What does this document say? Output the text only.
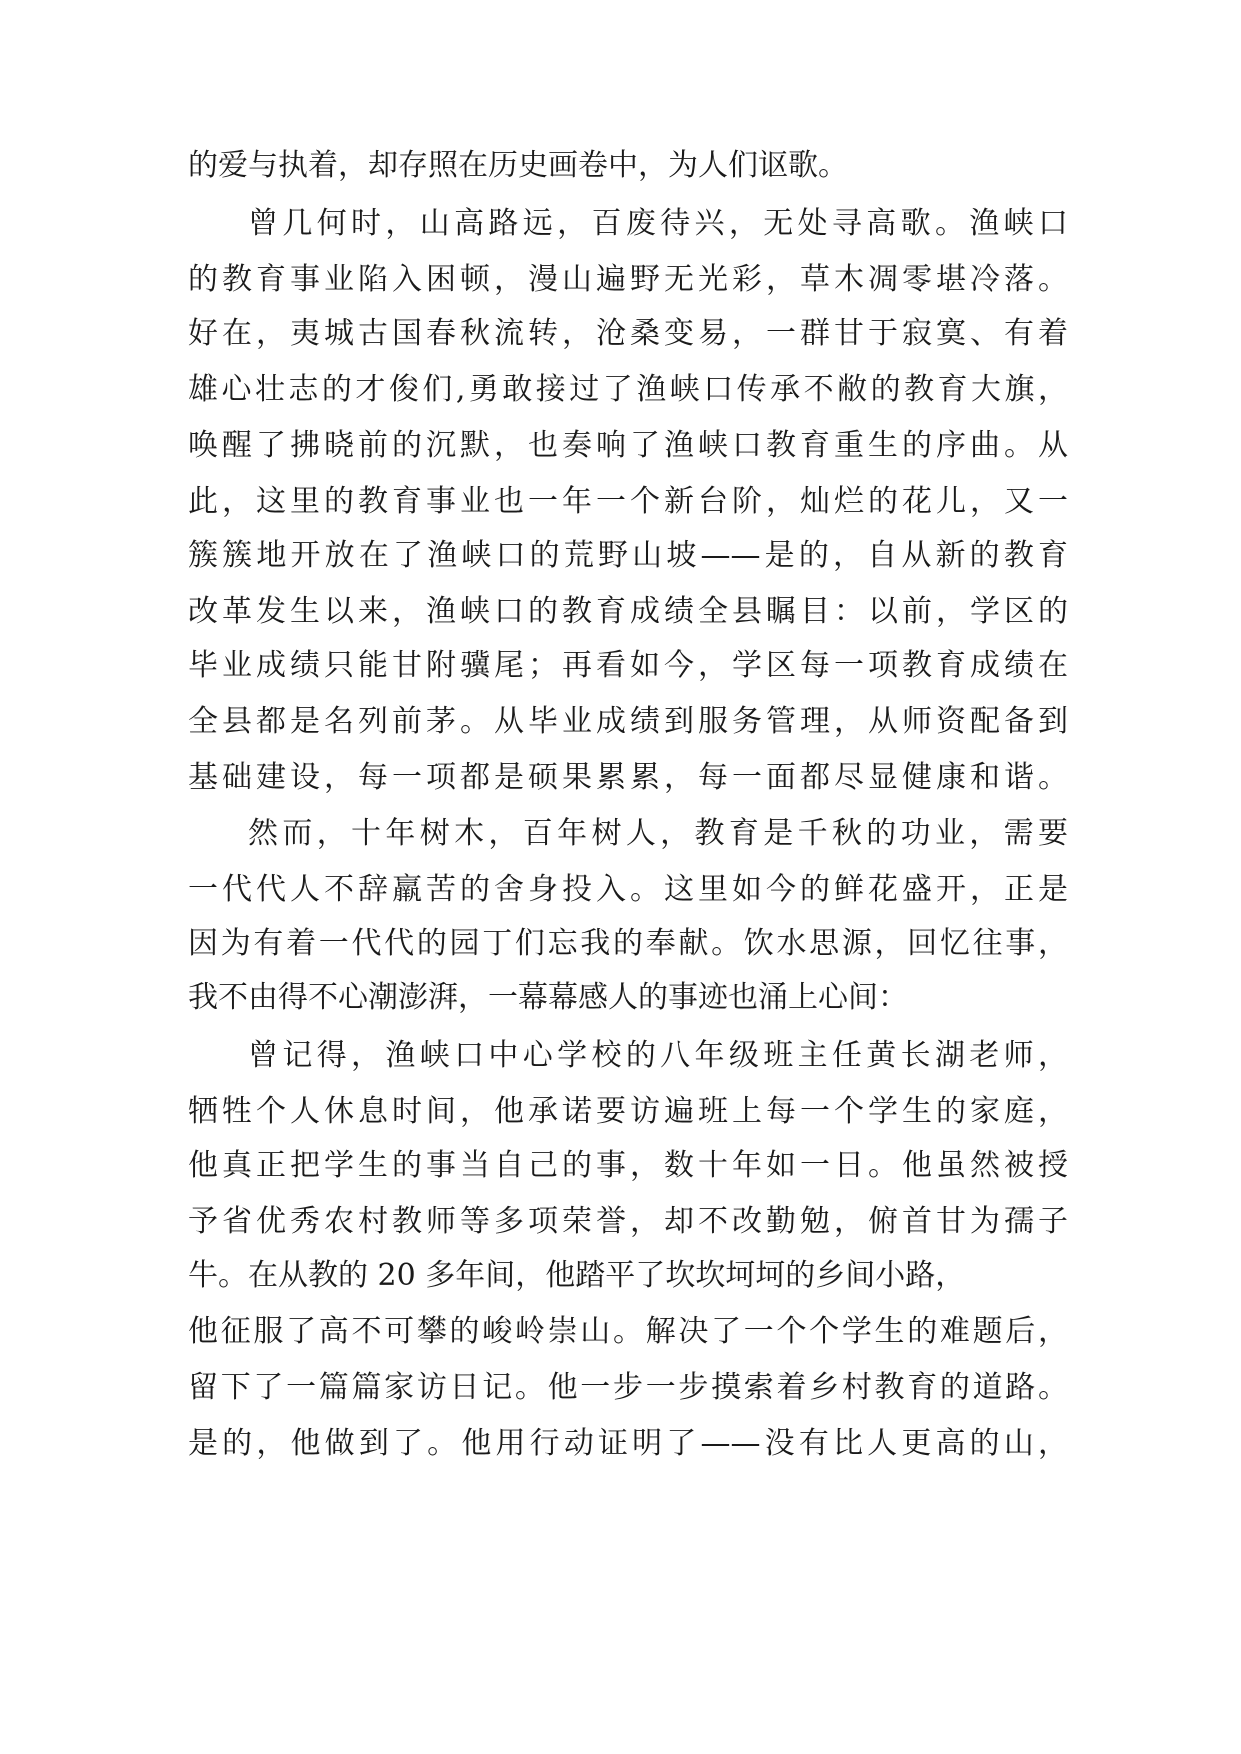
的爱与执着，却存照在历史画卷中，为人们讴歌。
曾几何时，山高路远，百废待兴，无处寻高歌。渔峡口
的教育事业陷入困顿，漫山遍野无光彩，草木凋零堪冷落。
好在，夷城古国春秋流转，沧桑变易，一群甘于寂寞、有着
雄心壮志的才俊们,勇敢接过了渔峡口传承不敝的教育大旗，
唤醒了拂晓前的沉默，也奏响了渔峡口教育重生的序曲。从
此，这里的教育事业也一年一个新台阶，灿烂的花儿，又一
簇簇地开放在了渔峡口的荒野山坡——是的，自从新的教育
改革发生以来，渔峡口的教育成绩全县瞩目：以前，学区的
毕业成绩只能甘附骥尾；再看如今，学区每一项教育成绩在
全县都是名列前茅。从毕业成绩到服务管理，从师资配备到
基础建设，每一项都是硕果累累，每一面都尽显健康和谐。
然而，十年树木，百年树人，教育是千秋的功业，需要
一代代人不辞羸苦的舍身投入。这里如今的鲜花盛开，正是
因为有着一代代的园丁们忘我的奉献。饮水思源，回忆往事，
我不由得不心潮澎湃，一幕幕感人的事迹也涌上心间：
曾记得，渔峡口中心学校的八年级班主任黄长湖老师，
牺牲个人休息时间，他承诺要访遍班上每一个学生的家庭，
他真正把学生的事当自己的事，数十年如一日。他虽然被授
予省优秀农村教师等多项荣誉，却不改勤勉，俯首甘为孺子
牛。在从教的 20 多年间，他踏平了坎坎坷坷的乡间小路，
他征服了高不可攀的峻岭崇山。解决了一个个学生的难题后，
留下了一篇篇家访日记。他一步一步摸索着乡村教育的道路。
是的，他做到了。他用行动证明了——没有比人更高的山，
